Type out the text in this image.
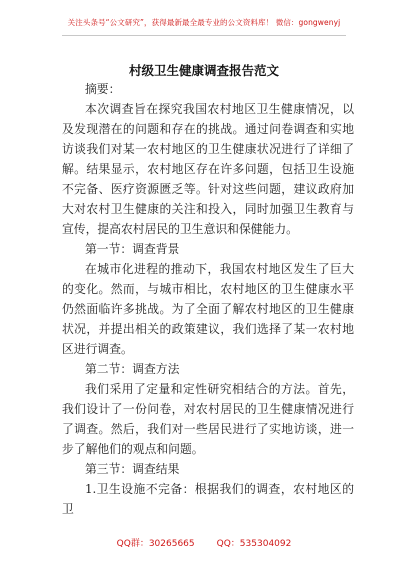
关注头条号“公文研究”，获得最新最全最专业的公文资料库！ 微信：gongwenyj
村级卫生健康调查报告范文

摘要：

本次调查旨在探究我国农村地区卫生健康情况，以及发现潜在的问题和存在的挑战。通过问卷调查和实地访谈我们对某一农村地区的卫生健康状况进行了详细了解。结果显示，农村地区存在许多问题，包括卫生设施不完备、医疗资源匮乏等。针对这些问题，建议政府加大对农村卫生健康的关注和投入，同时加强卫生教育与宣传，提高农村居民的卫生意识和保健能力。

第一节：调查背景

在城市化进程的推动下，我国农村地区发生了巨大的变化。然而，与城市相比，农村地区的卫生健康水平仍然面临许多挑战。为了全面了解农村地区的卫生健康状况，并提出相关的政策建议，我们选择了某一农村地区进行调查。

第二节：调查方法

我们采用了定量和定性研究相结合的方法。首先，我们设计了一份问卷，对农村居民的卫生健康情况进行了调查。然后，我们对一些居民进行了实地访谈，进一步了解他们的观点和问题。

第三节：调查结果

1.卫生设施不完备：根据我们的调查，农村地区的卫

QQ群：30265665 QQ：535304092
